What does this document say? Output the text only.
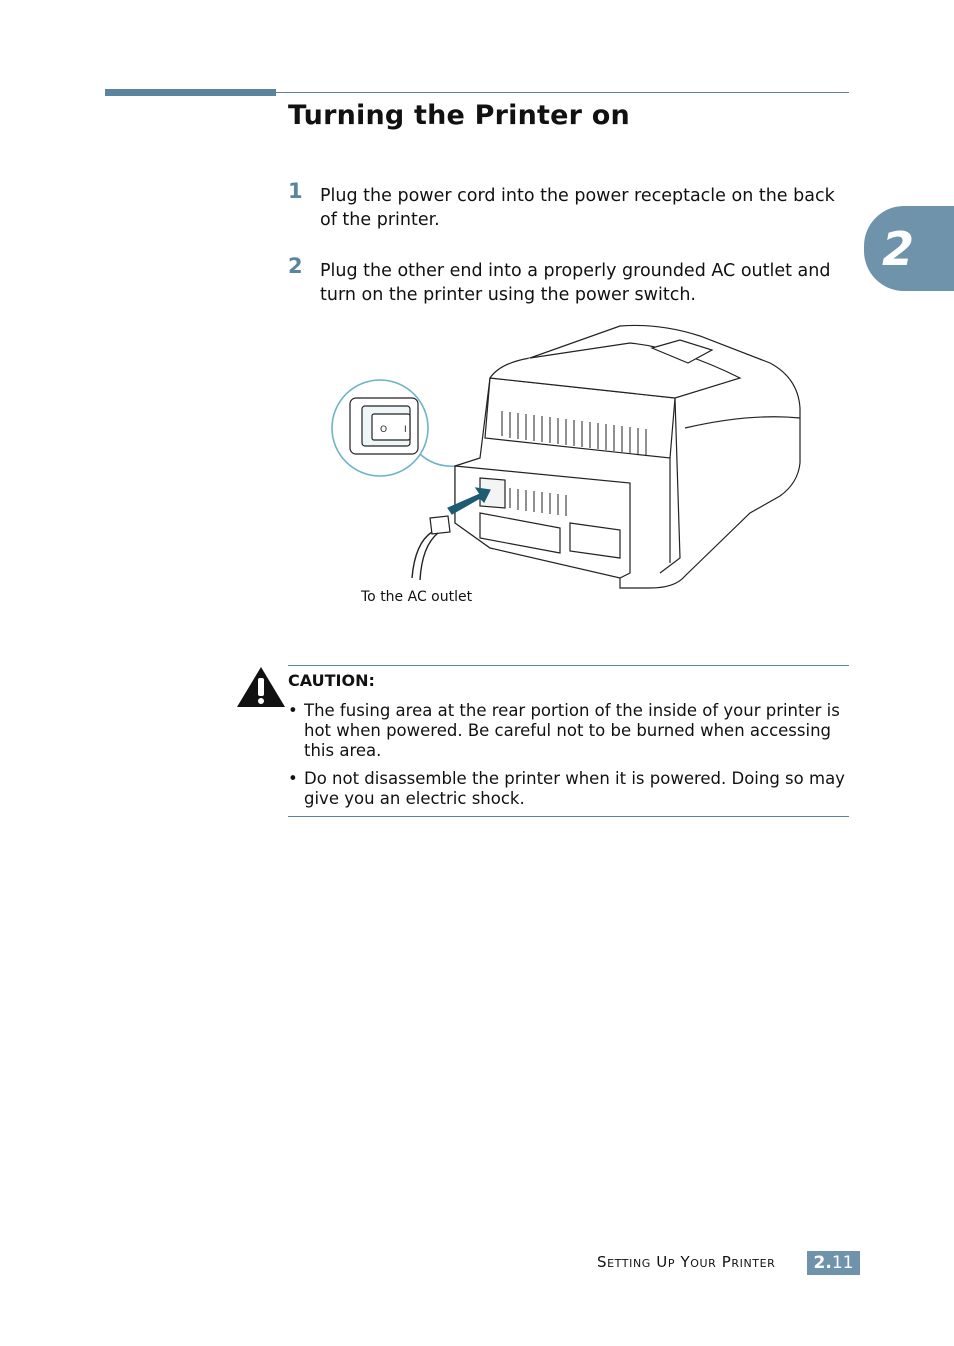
Turning the Printer on
2
1 Plug the power cord into the power receptacle on the back of the printer.
2 Plug the other end into a properly grounded AC outlet and turn on the printer using the power switch.
O I
To the AC outlet
CAUTION:
• The fusing area at the rear portion of the inside of your printer is hot when powered. Be careful not to be burned when accessing this area.
• Do not disassemble the printer when it is powered. Doing so may give you an electric shock.
Setting Up Your Printer 2. 11
